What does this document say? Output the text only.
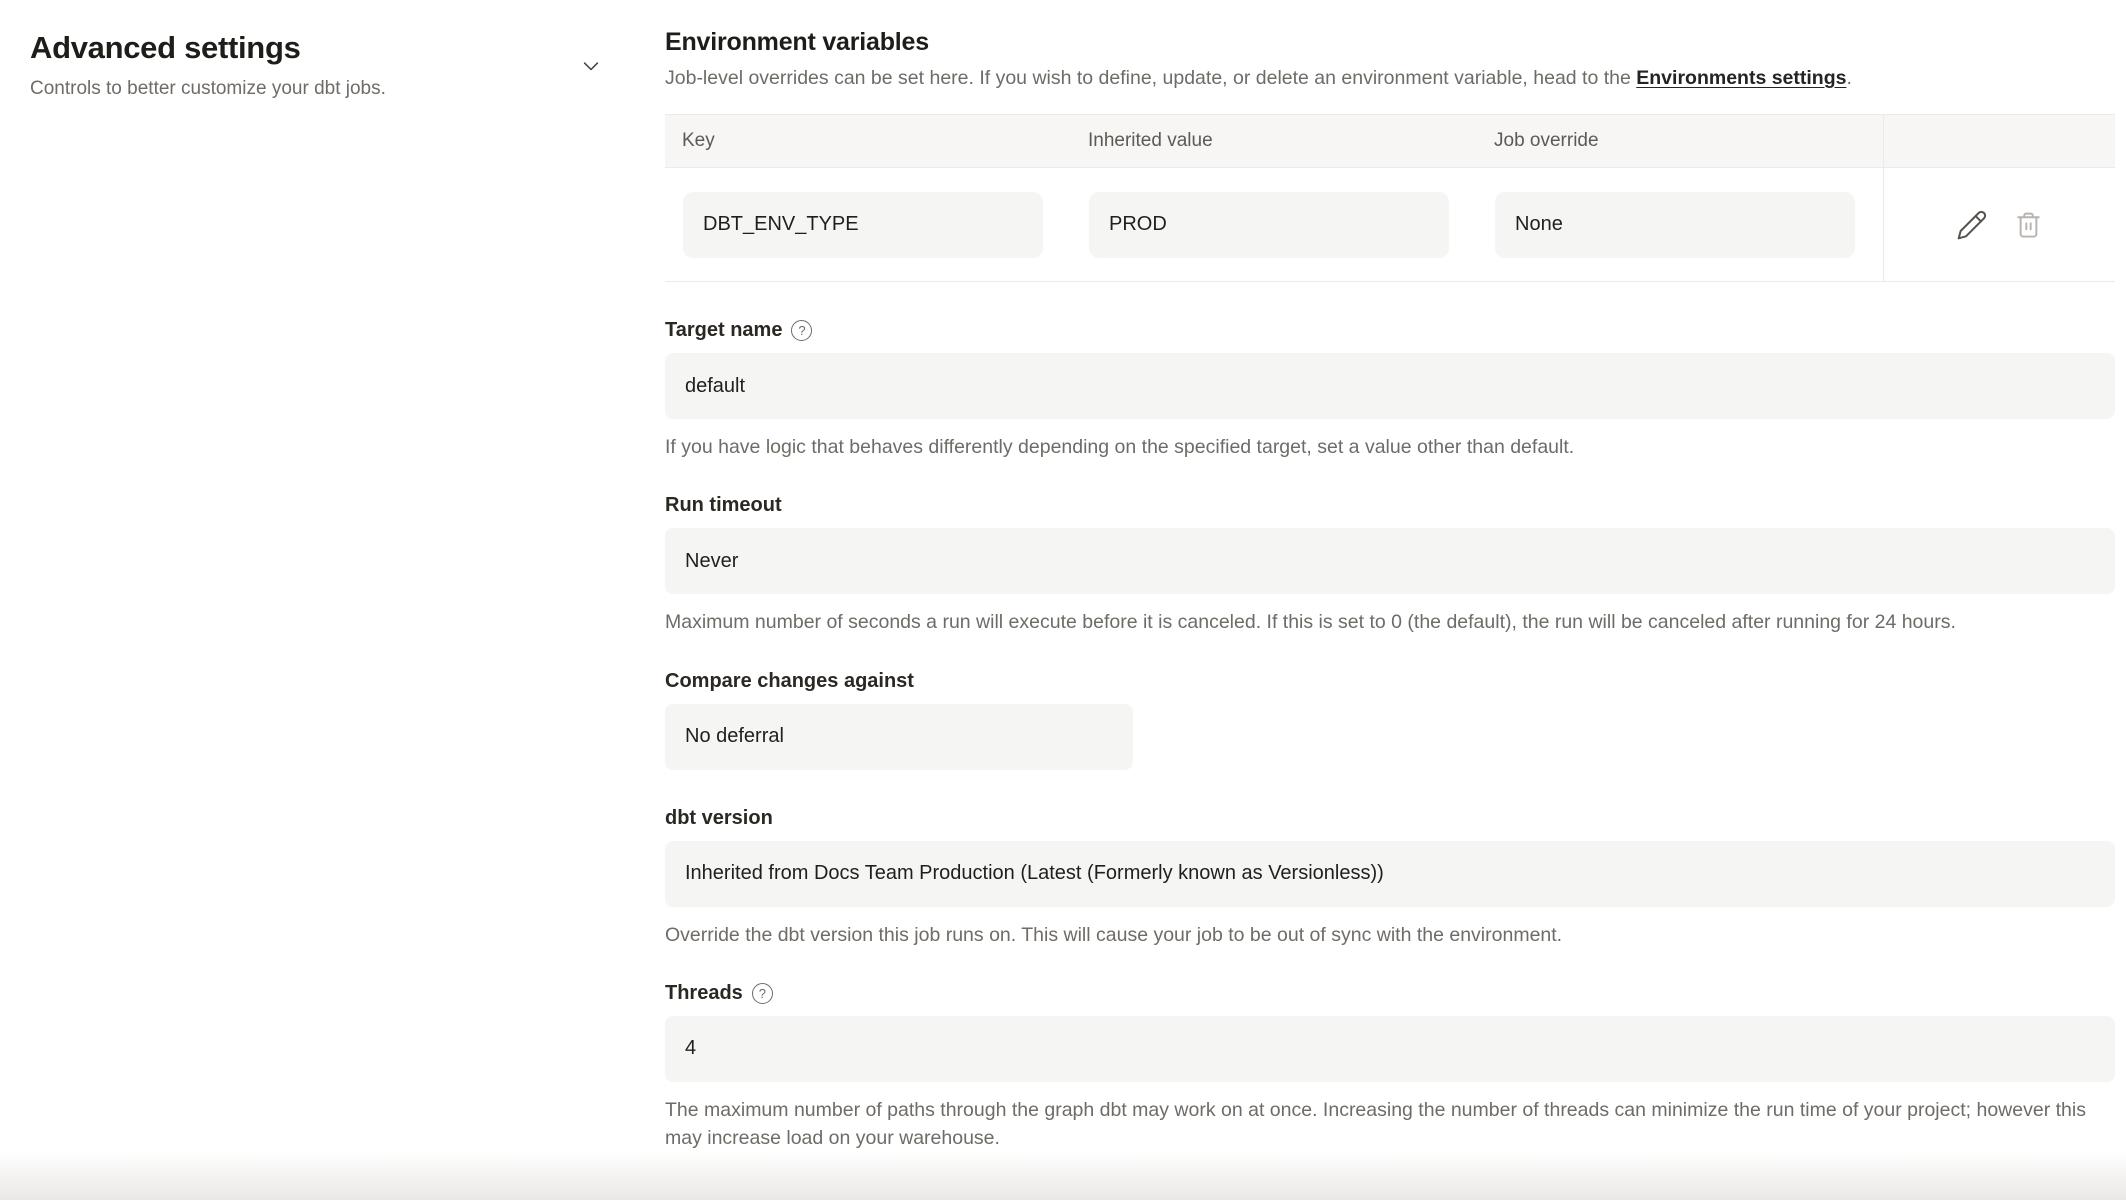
Advanced settings

Controls to better customize your dbt jobs.

Environment variables

Job-level overrides can be set here. If you wish to define, update, or delete an environment variable, head to the Environments settings.

Key	Inherited value	Job override
DBT_ENV_TYPE	PROD	None
Target name	?
default

If you have logic that behaves differently depending on the specified target, set a value other than default.

Run timeout
Never

Maximum number of seconds a run will execute before it is canceled. If this is set to 0 (the default), the run will be canceled after running for 24 hours.

Compare changes against
No deferral
dbt version
Inherited from Docs Team Production (Latest (Formerly known as Versionless))

Override the dbt version this job runs on. This will cause your job to be out of sync with the environment.

Threads	?
4

The maximum number of paths through the graph dbt may work on at once. Increasing the number of threads can minimize the run time of your project; however this may increase load on your warehouse.
